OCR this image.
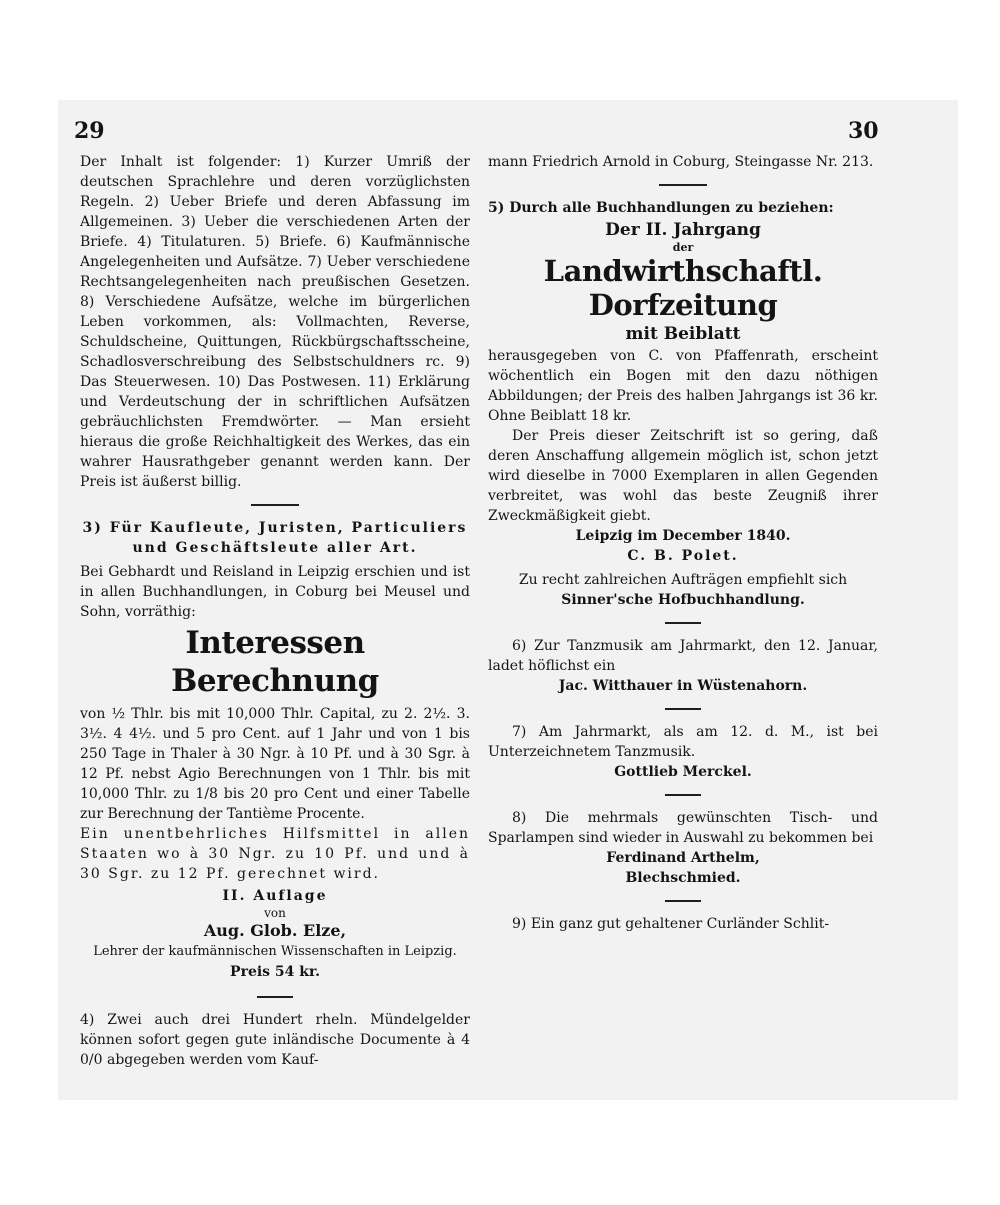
29	30

Der Inhalt ist folgender: 1) Kurzer Umriß der deutschen Sprachlehre und deren vorzüglichsten Regeln. 2) Ueber Briefe und deren Abfassung im Allgemeinen. 3) Ueber die verschiedenen Arten der Briefe. 4) Titulaturen. 5) Briefe. 6) Kaufmännische Angelegenheiten und Aufsätze. 7) Ueber verschiedene Rechtsangelegenheiten nach preußischen Gesetzen. 8) Verschiedene Aufsätze, welche im bürgerlichen Leben vorkommen, als: Vollmachten, Reverse, Schuldscheine, Quittungen, Rückbürgschaftsscheine, Schadlosverschreibung des Selbstschuldners rc. 9) Das Steuerwesen. 10) Das Postwesen. 11) Erklärung und Verdeutschung der in schriftlichen Aufsätzen gebräuchlichsten Fremdwörter. — Man ersieht hieraus die große Reichhaltigkeit des Werkes, das ein wahrer Hausrathgeber genannt werden kann. Der Preis ist äußerst billig.

3) Für Kaufleute, Juristen, Particuliers und Geschäftsleute aller Art.

Bei Gebhardt und Reisland in Leipzig erschien und ist in allen Buchhandlungen, in Coburg bei Meusel und Sohn, vorräthig:

Interessen Berechnung

von ½ Thlr. bis mit 10,000 Thlr. Capital, zu 2. 2½. 3. 3½. 4 4½. und 5 pro Cent. auf 1 Jahr und von 1 bis 250 Tage in Thaler à 30 Ngr. à 10 Pf. und à 30 Sgr. à 12 Pf. nebst Agio Berechnungen von 1 Thlr. bis mit 10,000 Thlr. zu 1/8 bis 20 pro Cent und einer Tabelle zur Berechnung der Tantième Procente.

Ein unentbehrliches Hilfsmittel in allen Staaten wo à 30 Ngr. zu 10 Pf. und und à 30 Sgr. zu 12 Pf. gerechnet wird.

II. Auflage

von

Aug. Glob. Elze,

Lehrer der kaufmännischen Wissenschaften in Leipzig.

Preis 54 kr.

4) Zwei auch drei Hundert rheln. Mündelgelder können sofort gegen gute inländische Documente à 4 0/0 abgegeben werden vom Kauf-

mann Friedrich Arnold in Coburg, Steingasse Nr. 213.

5) Durch alle Buchhandlungen zu beziehen:

Der II. Jahrgang

der

Landwirthschaftl. Dorfzeitung

mit Beiblatt

herausgegeben von C. von Pfaffenrath, erscheint wöchentlich ein Bogen mit den dazu nöthigen Abbildungen; der Preis des halben Jahrgangs ist 36 kr. Ohne Beiblatt 18 kr.

Der Preis dieser Zeitschrift ist so gering, daß deren Anschaffung allgemein möglich ist, schon jetzt wird dieselbe in 7000 Exemplaren in allen Gegenden verbreitet, was wohl das beste Zeugniß ihrer Zweckmäßigkeit giebt.

Leipzig im December 1840.

C. B. Polet.

Zu recht zahlreichen Aufträgen empfiehlt sich

Sinner'sche Hofbuchhandlung.

6) Zur Tanzmusik am Jahrmarkt, den 12. Januar, ladet höflichst ein

Jac. Witthauer in Wüstenahorn.

7) Am Jahrmarkt, als am 12. d. M., ist bei Unterzeichnetem Tanzmusik.

Gottlieb Merckel.

8) Die mehrmals gewünschten Tisch- und Sparlampen sind wieder in Auswahl zu bekommen bei

Ferdinand Arthelm,

Blechschmied.

9) Ein ganz gut gehaltener Curländer Schlit-
